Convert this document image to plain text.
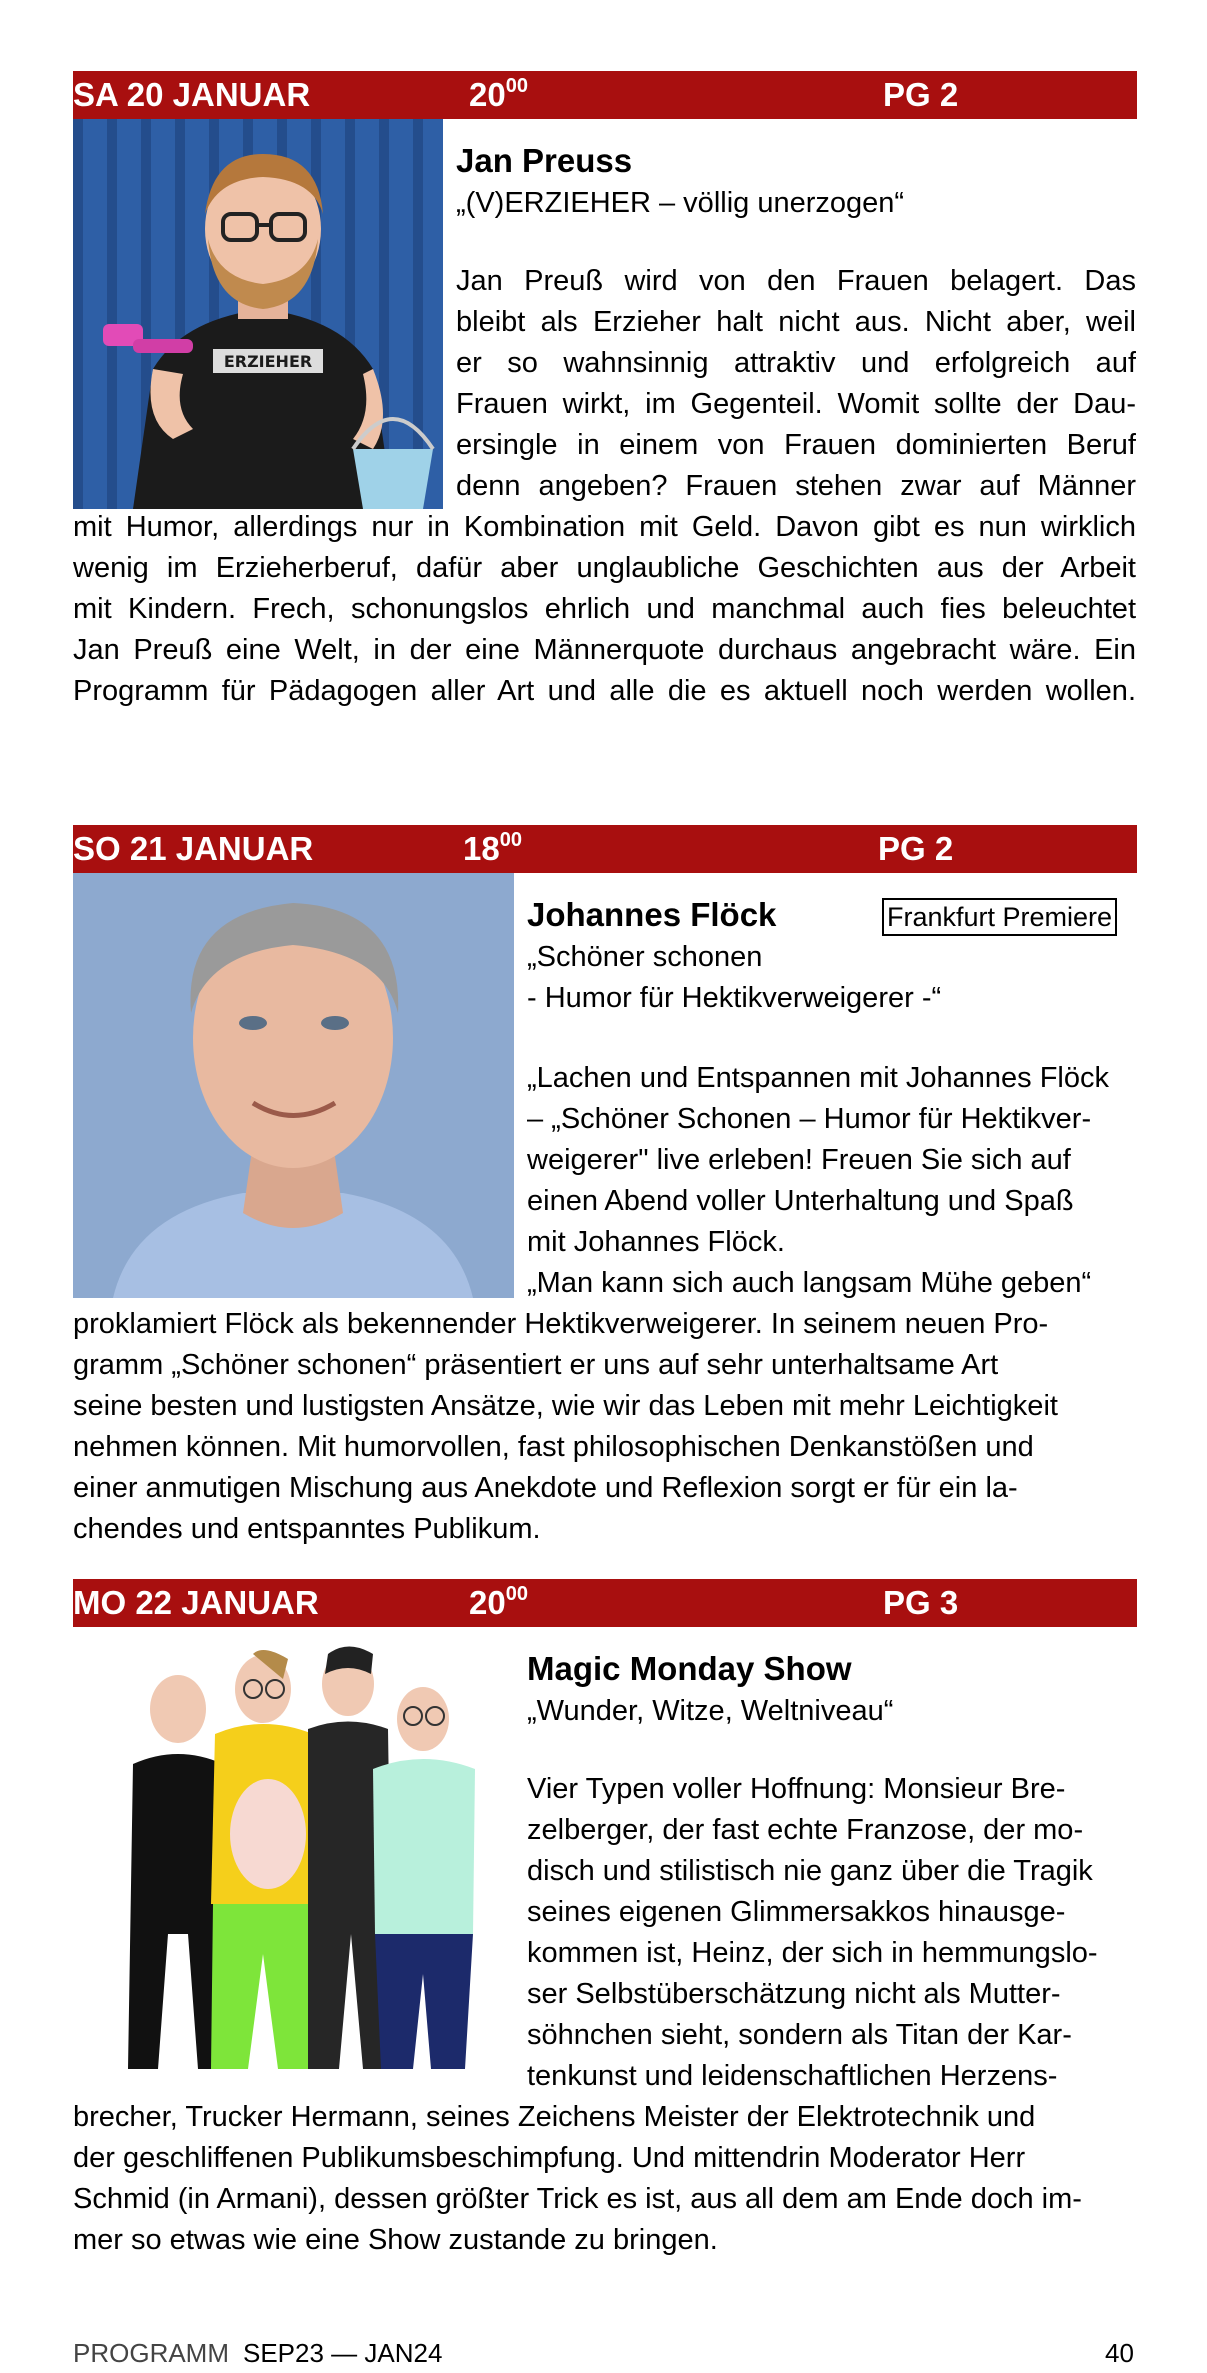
SA 20 JANUAR	$20^{00}$	PG 2
ERZIEHER
Jan Preuss
„(V)ERZIEHER – völlig unerzogen“
Jan Preuß wird von den Frauen belagert. Das
bleibt als Erzieher halt nicht aus. Nicht aber, weil
er so wahnsinnig attraktiv und erfolgreich auf
Frauen wirkt, im Gegenteil. Womit sollte der Dau-
ersingle in einem von Frauen dominierten Beruf
denn angeben? Frauen stehen zwar auf Männer
mit Humor, allerdings nur in Kombination mit Geld. Davon gibt es nun wirklich
wenig im Erzieherberuf, dafür aber unglaubliche Geschichten aus der Arbeit
mit Kindern. Frech, schonungslos ehrlich und manchmal auch fies beleuchtet
Jan Preuß eine Welt, in der eine Männerquote durchaus angebracht wäre. Ein
Programm für Pädagogen aller Art und alle die es aktuell noch werden wollen.
SO 21 JANUAR	$18^{00}$	PG 2
Johannes Flöck	Frankfurt Premiere
„Schöner schonen
- Humor für Hektikverweigerer -“
„Lachen und Entspannen mit Johannes Flöck
– „Schöner Schonen – Humor für Hektikver-
weigerer" live erleben! Freuen Sie sich auf
einen Abend voller Unterhaltung und Spaß
mit Johannes Flöck.
„Man kann sich auch langsam Mühe geben“
proklamiert Flöck als bekennender Hektikverweigerer. In seinem neuen Pro-
gramm „Schöner schonen“ präsentiert er uns auf sehr unterhaltsame Art
seine besten und lustigsten Ansätze, wie wir das Leben mit mehr Leichtigkeit
nehmen können. Mit humorvollen, fast philosophischen Denkanstößen und
einer anmutigen Mischung aus Anekdote und Reflexion sorgt er für ein la-
chendes und entspanntes Publikum.
MO 22 JANUAR	$20^{00}$	PG 3
Magic Monday Show
„Wunder, Witze, Weltniveau“
Vier Typen voller Hoffnung: Monsieur Bre-
zelberger, der fast echte Franzose, der mo-
disch und stilistisch nie ganz über die Tragik
seines eigenen Glimmersakkos hinausge-
kommen ist, Heinz, der sich in hemmungslo-
ser Selbstüberschätzung nicht als Mutter-
söhnchen sieht, sondern als Titan der Kar-
tenkunst und leidenschaftlichen Herzens-
brecher, Trucker Hermann, seines Zeichens Meister der Elektrotechnik und
der geschliffenen Publikumsbeschimpfung. Und mittendrin Moderator Herr
Schmid (in Armani), dessen größter Trick es ist, aus all dem am Ende doch im-
mer so etwas wie eine Show zustande zu bringen.
PROGRAMM SEP23 — JAN24	40
